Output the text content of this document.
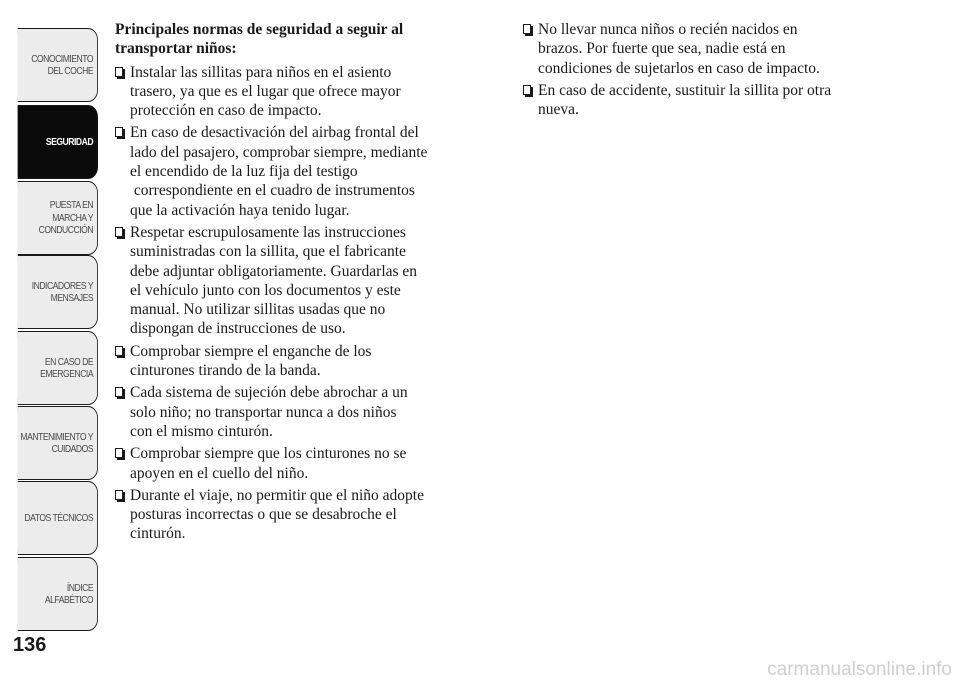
CONOCIMIENTO
DEL COCHE
SEGURIDAD
PUESTA EN
MARCHA Y
CONDUCCIÓN
INDICADORES Y
MENSAJES
EN CASO DE
EMERGENCIA
MANTENIMIENTO Y
CUIDADOS
DATOS TÉCNICOS
ÍNDICE
ALFABÉTICO
136
Principales normas de seguridad a seguir al
transportar niños:
Instalar las sillitas para niños en el asiento
trasero, ya que es el lugar que ofrece mayor
protección en caso de impacto.
En caso de desactivación del airbag frontal del
lado del pasajero, comprobar siempre, mediante
el encendido de la luz fija del testigo
correspondiente en el cuadro de instrumentos
que la activación haya tenido lugar.
Respetar escrupulosamente las instrucciones
suministradas con la sillita, que el fabricante
debe adjuntar obligatoriamente. Guardarlas en
el vehículo junto con los documentos y este
manual. No utilizar sillitas usadas que no
dispongan de instrucciones de uso.
Comprobar siempre el enganche de los
cinturones tirando de la banda.
Cada sistema de sujeción debe abrochar a un
solo niño; no transportar nunca a dos niños
con el mismo cinturón.
Comprobar siempre que los cinturones no se
apoyen en el cuello del niño.
Durante el viaje, no permitir que el niño adopte
posturas incorrectas o que se desabroche el
cinturón.
No llevar nunca niños o recién nacidos en
brazos. Por fuerte que sea, nadie está en
condiciones de sujetarlos en caso de impacto.
En caso de accidente, sustituir la sillita por otra
nueva.
carmanualsonline.info
